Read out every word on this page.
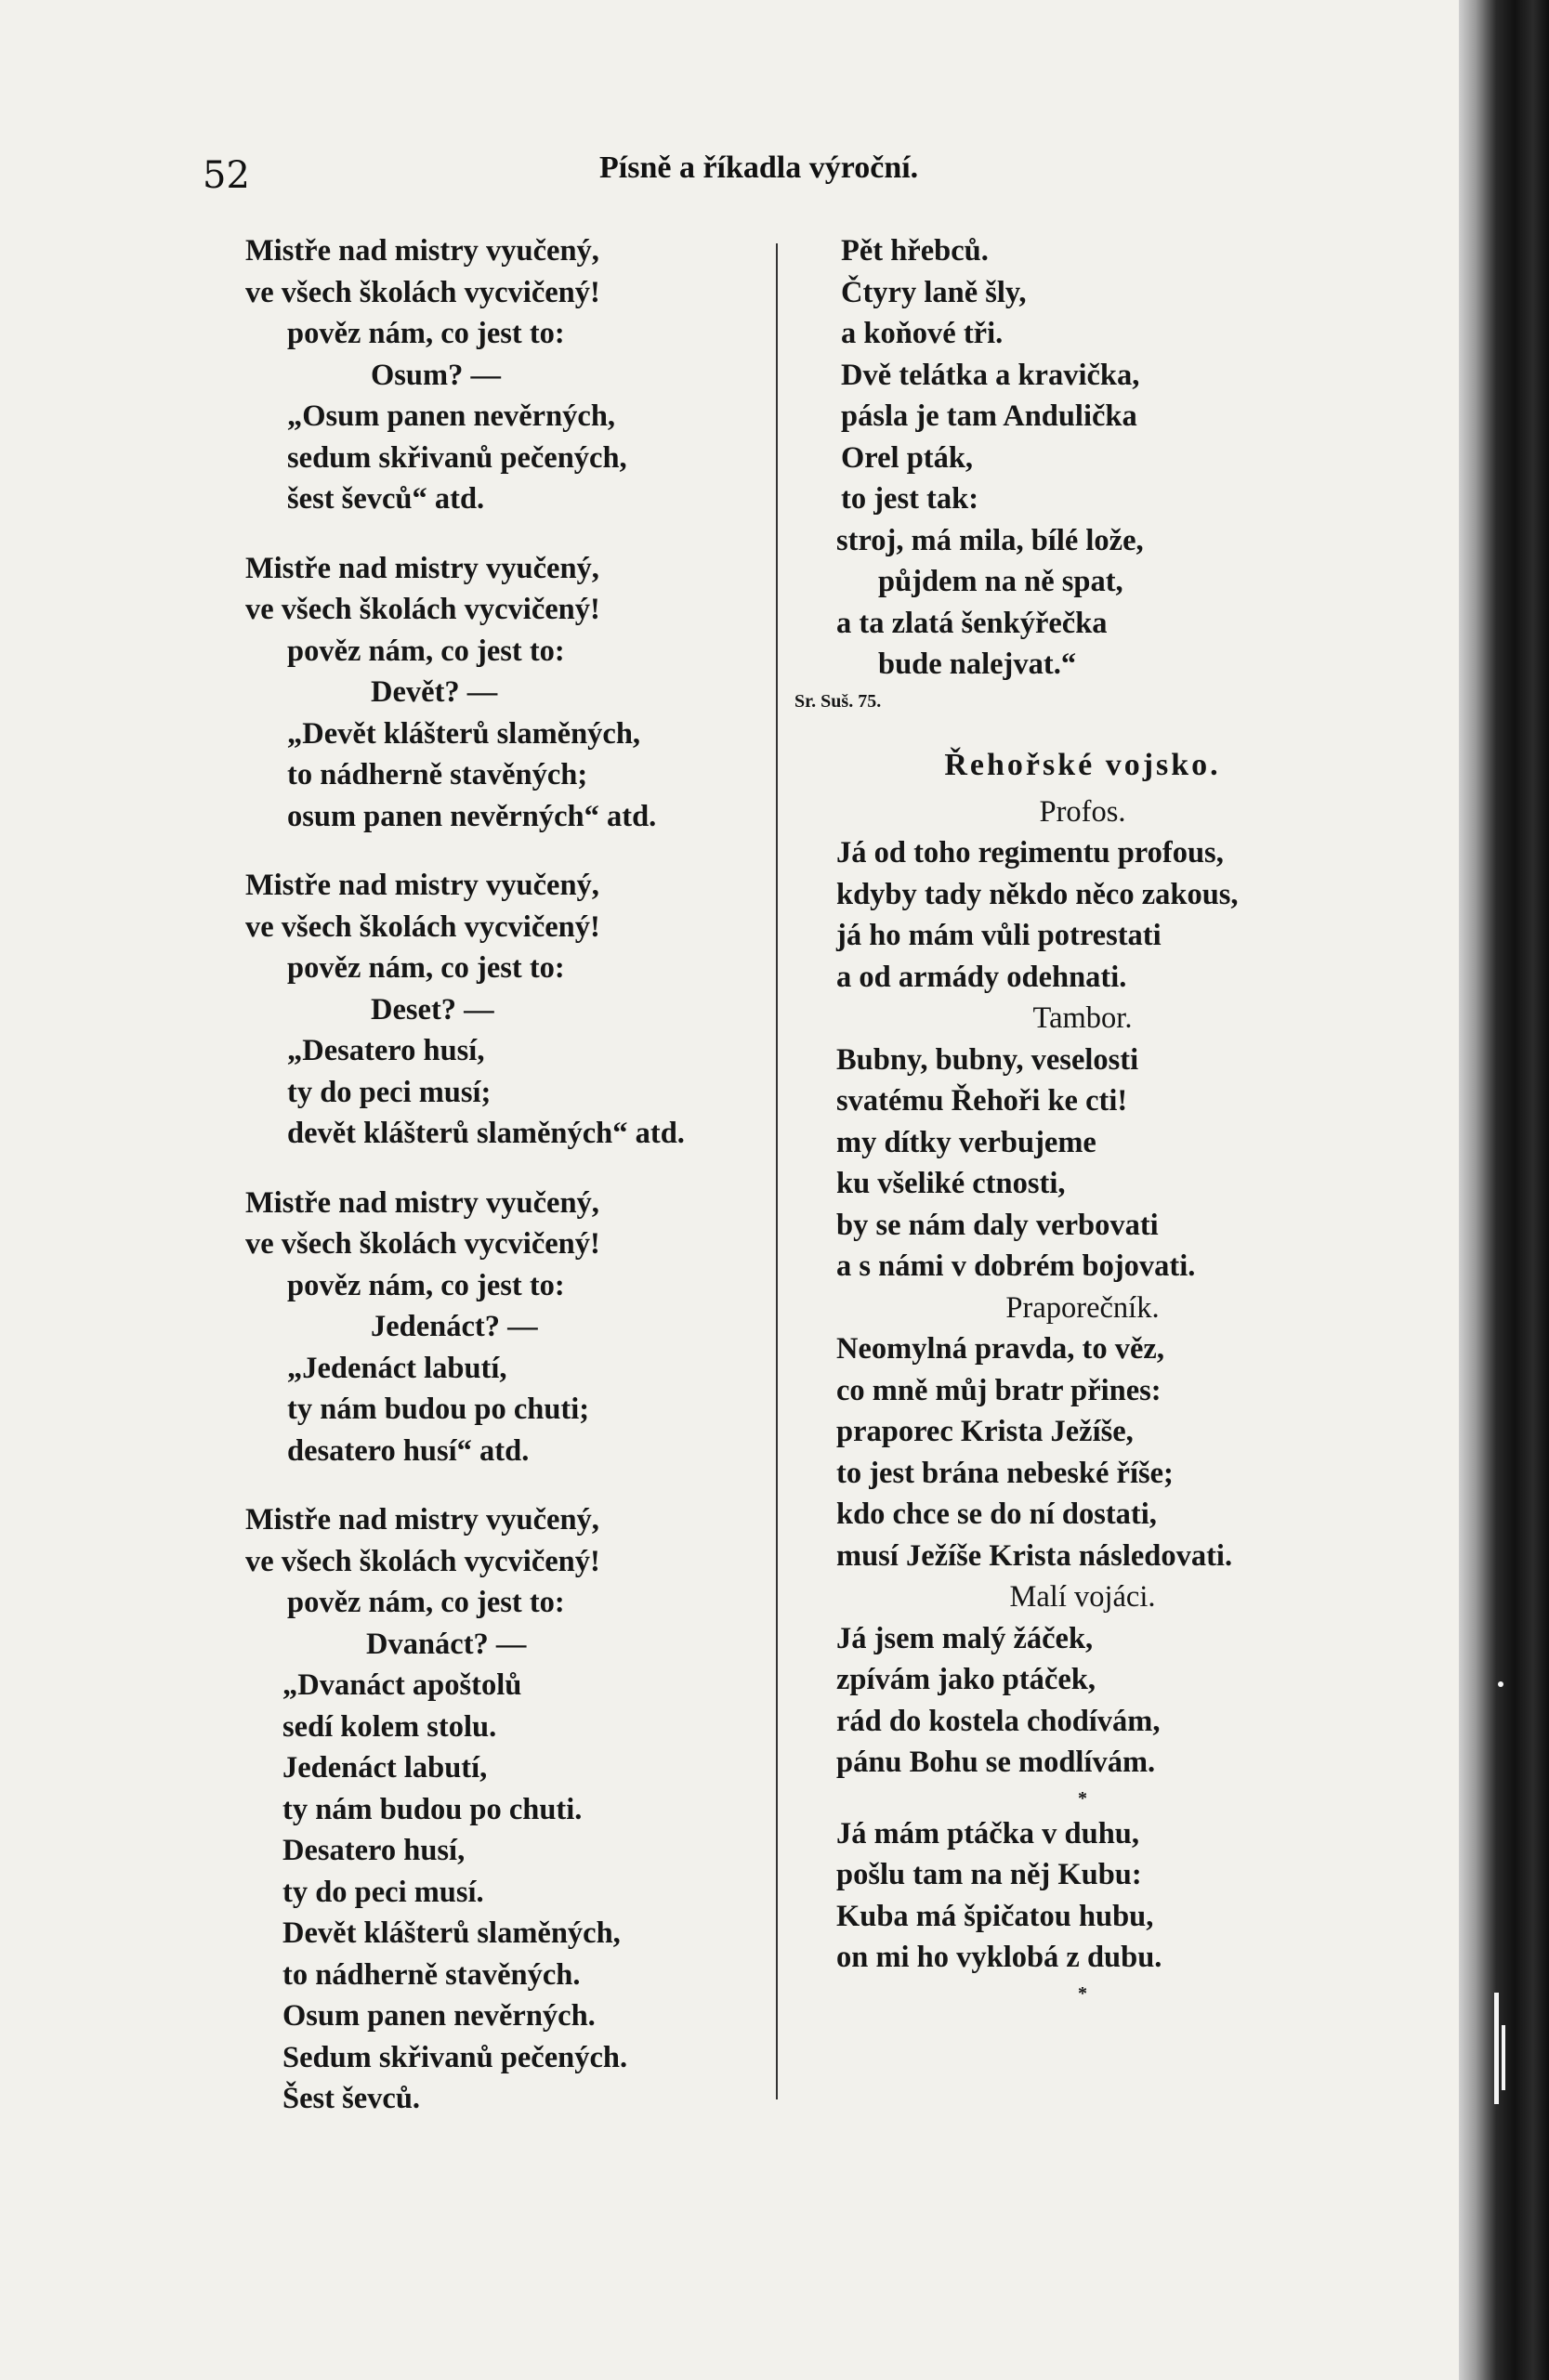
52	Písně a říkadla výroční.
Mistře nad mistry vyučený,
ve všech školách vycvičený!
pověz nám, co jest to:
Osum? —
„Osum panen nevěrných,
sedum skřivanů pečených,
šest ševců“ atd.
Mistře nad mistry vyučený,
ve všech školách vycvičený!
pověz nám, co jest to:
Devět? —
„Devět klášterů slaměných,
to nádherně stavěných;
osum panen nevěrných“ atd.
Mistře nad mistry vyučený,
ve všech školách vycvičený!
pověz nám, co jest to:
Deset? —
„Desatero husí,
ty do peci musí;
devět klášterů slaměných“ atd.
Mistře nad mistry vyučený,
ve všech školách vycvičený!
pověz nám, co jest to:
Jedenáct? —
„Jedenáct labutí,
ty nám budou po chuti;
desatero husí“ atd.
Mistře nad mistry vyučený,
ve všech školách vycvičený!
pověz nám, co jest to:
Dvanáct? —
„Dvanáct apoštolů
sedí kolem stolu.
Jedenáct labutí,
ty nám budou po chuti.
Desatero husí,
ty do peci musí.
Devět klášterů slaměných,
to nádherně stavěných.
Osum panen nevěrných.
Sedum skřivanů pečených.
Šest ševců.
Pět hřebců.
Čtyry laně šly,
a koňové tři.
Dvě telátka a kravička,
pásla je tam Andulička
Orel pták,
to jest tak:
stroj, má mila, bílé lože,
půjdem na ně spat,
a ta zlatá šenkýřečka
bude nalejvat.“
Sr. Suš. 75.
Řehořské vojsko.
Profos.
Já od toho regimentu profous,
kdyby tady někdo něco zakous,
já ho mám vůli potrestati
a od armády odehnati.
Tambor.
Bubny, bubny, veselosti
svatému Řehoři ke cti!
my dítky verbujeme
ku všeliké ctnosti,
by se nám daly verbovati
a s námi v dobrém bojovati.
Praporečník.
Neomylná pravda, to věz,
co mně můj bratr přines:
praporec Krista Ježíše,
to jest brána nebeské říše;
kdo chce se do ní dostati,
musí Ježíše Krista následovati.
Malí vojáci.
Já jsem malý žáček,
zpívám jako ptáček,
rád do kostela chodívám,
pánu Bohu se modlívám.
*
Já mám ptáčka v duhu,
pošlu tam na něj Kubu:
Kuba má špičatou hubu,
on mi ho vyklobá z dubu.
*
